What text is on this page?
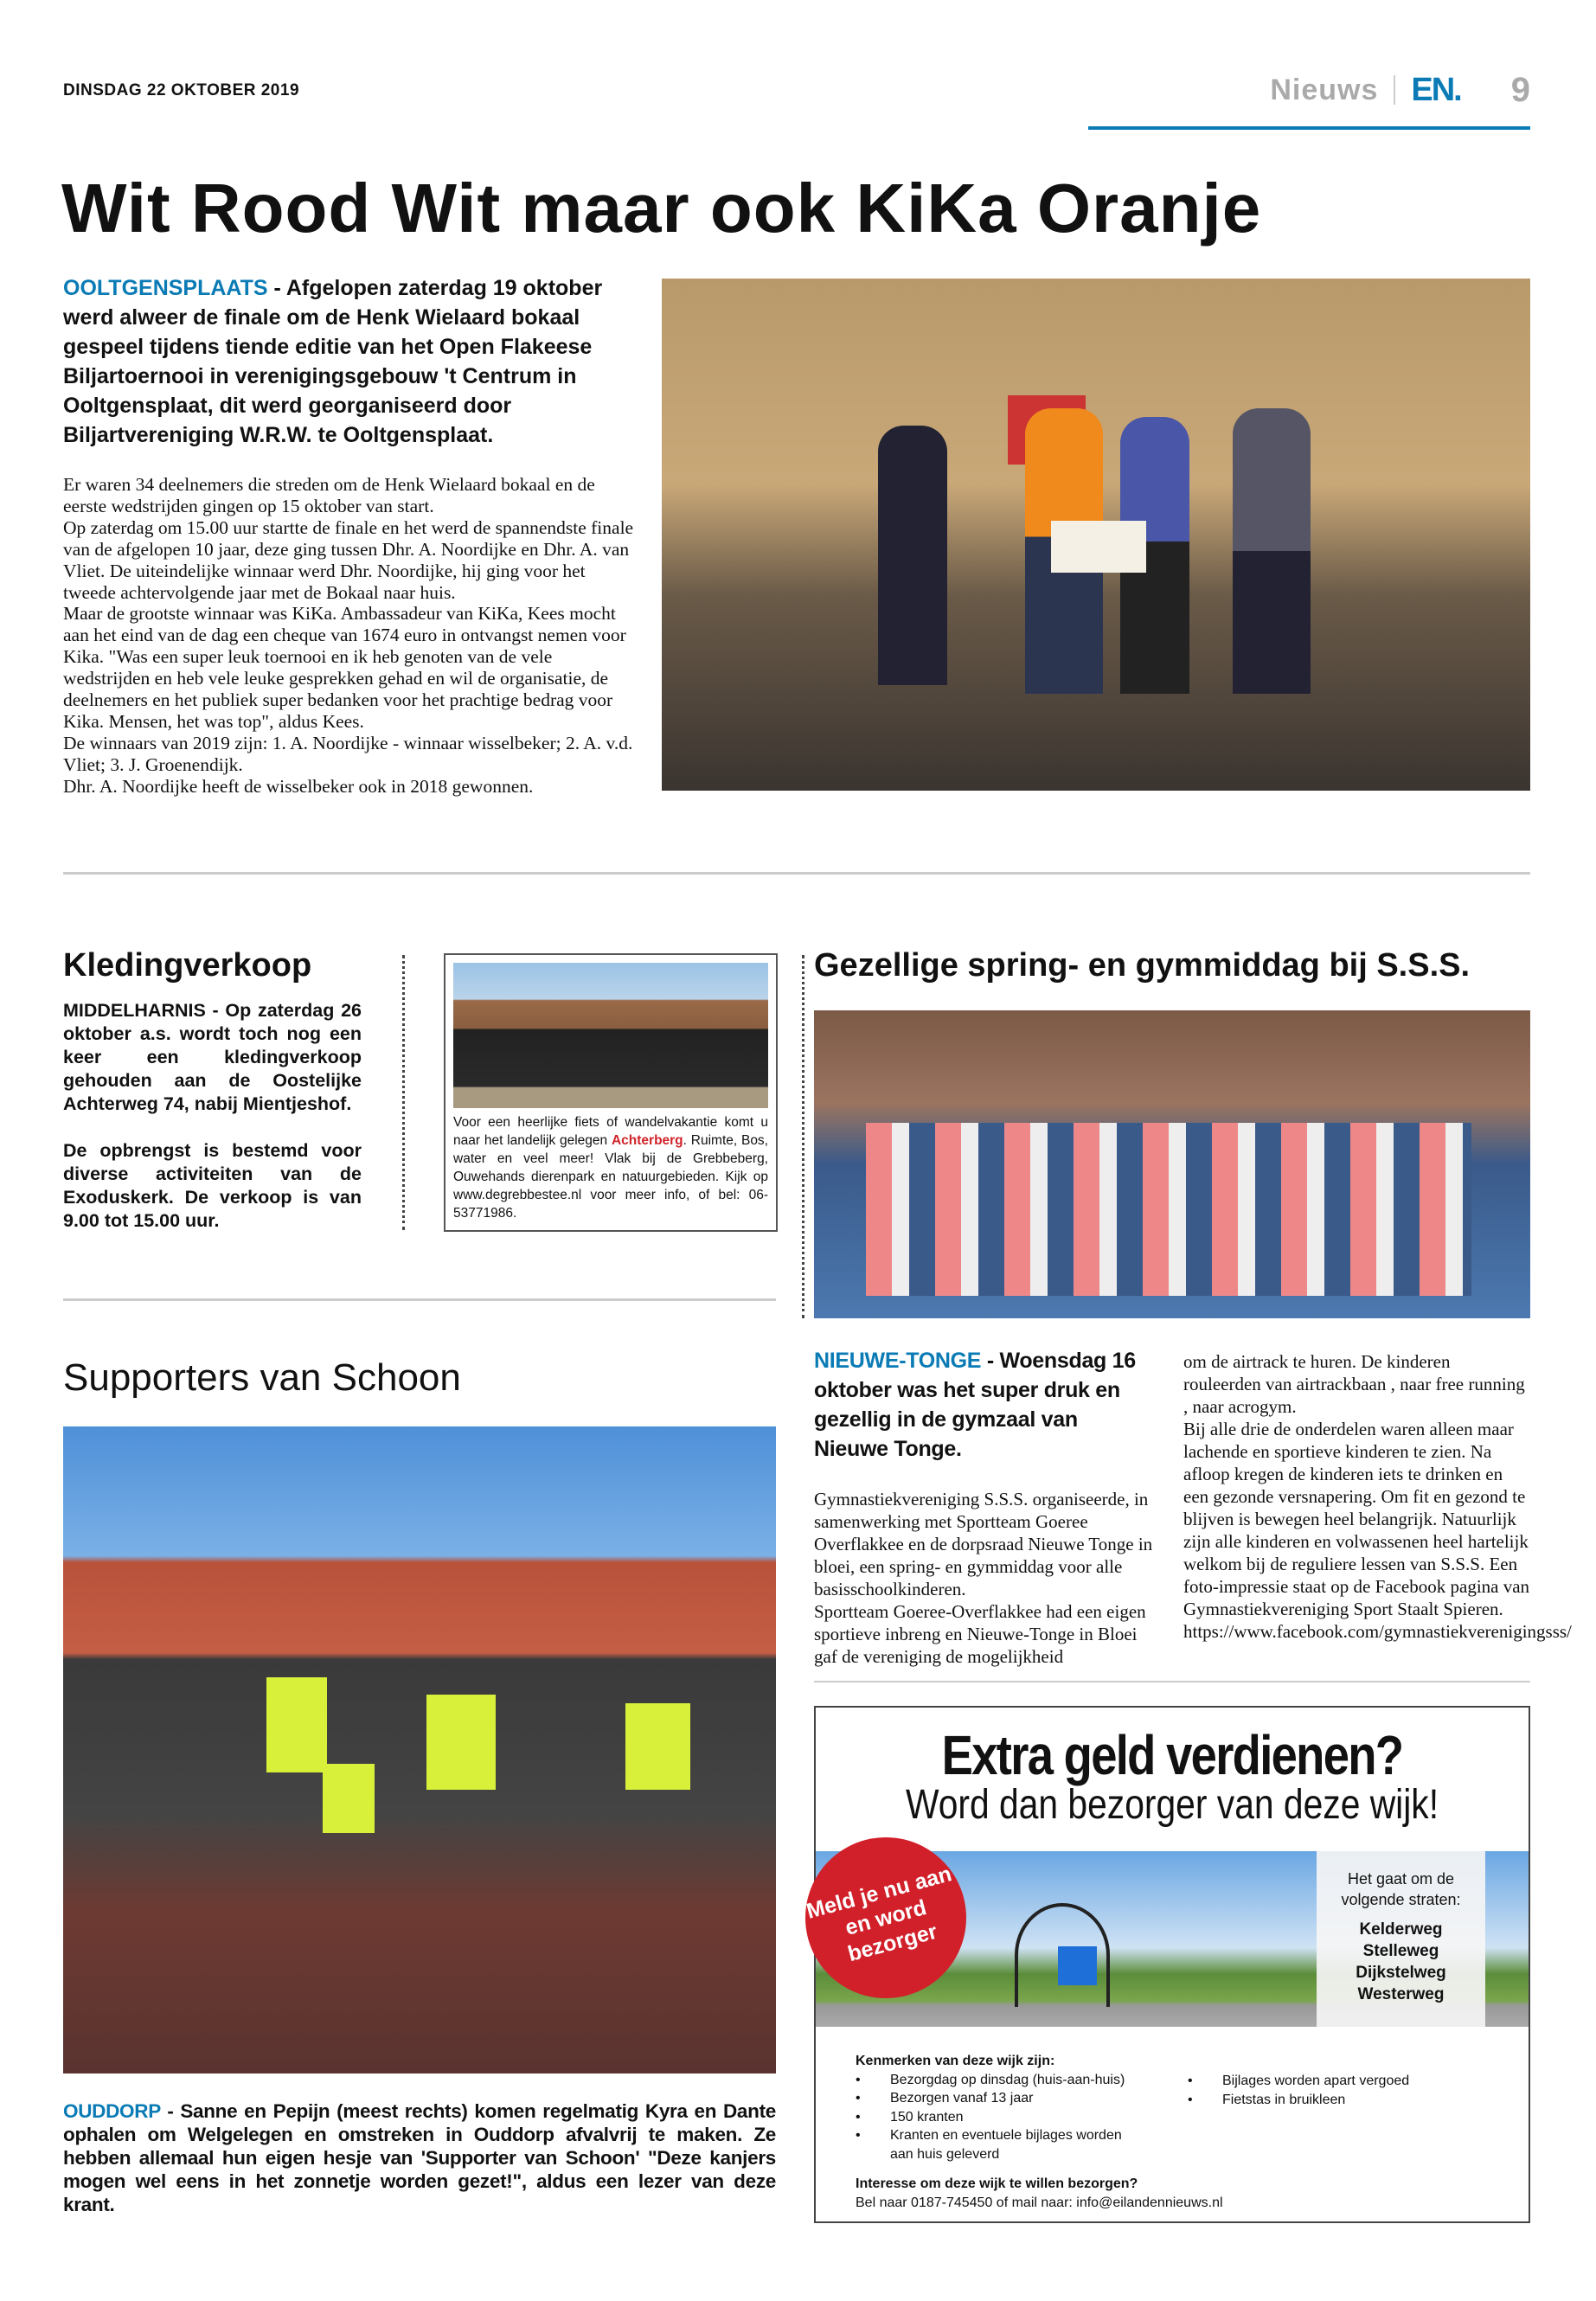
DINSDAG 22 OKTOBER 2019	Nieuws EN. 9
Wit Rood Wit maar ook KiKa Oranje
OOLTGENSPLAATS - Afgelopen zaterdag 19 oktober werd alweer de finale om de Henk Wielaard bokaal gespeel tijdens tiende editie van het Open Flakeese Biljartoernooi in verenigingsgebouw 't Centrum in Ooltgensplaat, dit werd georganiseerd door Biljartvereniging W.R.W. te Ooltgensplaat.

Er waren 34 deelnemers die streden om de Henk Wielaard bokaal en de eerste wedstrijden gingen op 15 oktober van start.

Op zaterdag om 15.00 uur startte de finale en het werd de spannendste finale van de afgelopen 10 jaar, deze ging tussen Dhr. A. Noordijke en Dhr. A. van Vliet. De uiteindelijke winnaar werd Dhr. Noordijke, hij ging voor het tweede achtervolgende jaar met de Bokaal naar huis.

Maar de grootste winnaar was KiKa. Ambassadeur van KiKa, Kees mocht aan het eind van de dag een cheque van 1674 euro in ontvangst nemen voor Kika. "Was een super leuk toernooi en ik heb genoten van de vele wedstrijden en heb vele leuke gesprekken gehad en wil de organisatie, de deelnemers en het publiek super bedanken voor het prachtige bedrag voor Kika. Mensen, het was top", aldus Kees.

De winnaars van 2019 zijn: 1. A. Noordijke - winnaar wisselbeker; 2. A. v.d. Vliet; 3. J. Groenendijk.

Dhr. A. Noordijke heeft de wisselbeker ook in 2018 gewonnen.

Kledingverkoop

MIDDELHARNIS - Op zaterdag 26 oktober a.s. wordt toch nog een keer een kledingverkoop gehouden aan de Oostelijke Achterweg 74, nabij Mientjeshof.

De opbrengst is bestemd voor diverse activiteiten van de Exoduskerk. De verkoop is van 9.00 tot 15.00 uur.

Voor een heerlijke fiets of wandelvakantie komt u naar het landelijk gelegen Achterberg. Ruimte, Bos, water en veel meer! Vlak bij de Grebbeberg, Ouwehands dierenpark en natuurgebieden. Kijk op www.degrebbestee.nl voor meer info, of bel: 06-53771986.
Gezellige spring- en gymmiddag bij S.S.S.
Supporters van Schoon
OUDDORP - Sanne en Pepijn (meest rechts) komen regelmatig Kyra en Dante ophalen om Welgelegen en omstreken in Ouddorp afvalvrij te maken. Ze hebben allemaal hun eigen hesje van 'Supporter van Schoon' "Deze kanjers mogen wel eens in het zonnetje worden gezet!", aldus een lezer van deze krant.
NIEUWE-TONGE - Woensdag 16 oktober was het super druk en gezellig in de gymzaal van Nieuwe Tonge.

Gymnastiekvereniging S.S.S. organiseerde, in samenwerking met Sportteam Goeree Overflakkee en de dorpsraad Nieuwe Tonge in bloei, een spring- en gymmiddag voor alle basisschoolkinderen.

Sportteam Goeree-Overflakkee had een eigen sportieve inbreng en Nieuwe-Tonge in Bloei gaf de vereniging de mogelijkheid

om de airtrack te huren. De kinderen rouleerden van airtrackbaan , naar free running , naar acrogym.

Bij alle drie de onderdelen waren alleen maar lachende en sportieve kinderen te zien. Na afloop kregen de kinderen iets te drinken en een gezonde versnapering. Om fit en gezond te blijven is bewegen heel belangrijk. Natuurlijk zijn alle kinderen en volwassenen heel hartelijk welkom bij de reguliere lessen van S.S.S. Een foto-impressie staat op de Facebook pagina van Gymnastiekvereniging Sport Staalt Spieren. https://www.facebook.com/gymnastiekverenigingsss/

Extra geld verdienen?
Word dan bezorger van deze wijk!
Meld je nu aan en word bezorger
Het gaat om de volgende straten:
Kelderweg
Stelleweg
Dijkstelweg
Westerweg
Kenmerken van deze wijk zijn:
• Bezorgdag op dinsdag (huis-aan-huis)
• Bezorgen vanaf 13 jaar
• 150 kranten
• Kranten en eventuele bijlages worden aan huis geleverd
• Bijlages worden apart vergoed
• Fietstas in bruikleen
Interesse om deze wijk te willen bezorgen?
Bel naar 0187-745450 of mail naar: info@eilandennieuws.nl
